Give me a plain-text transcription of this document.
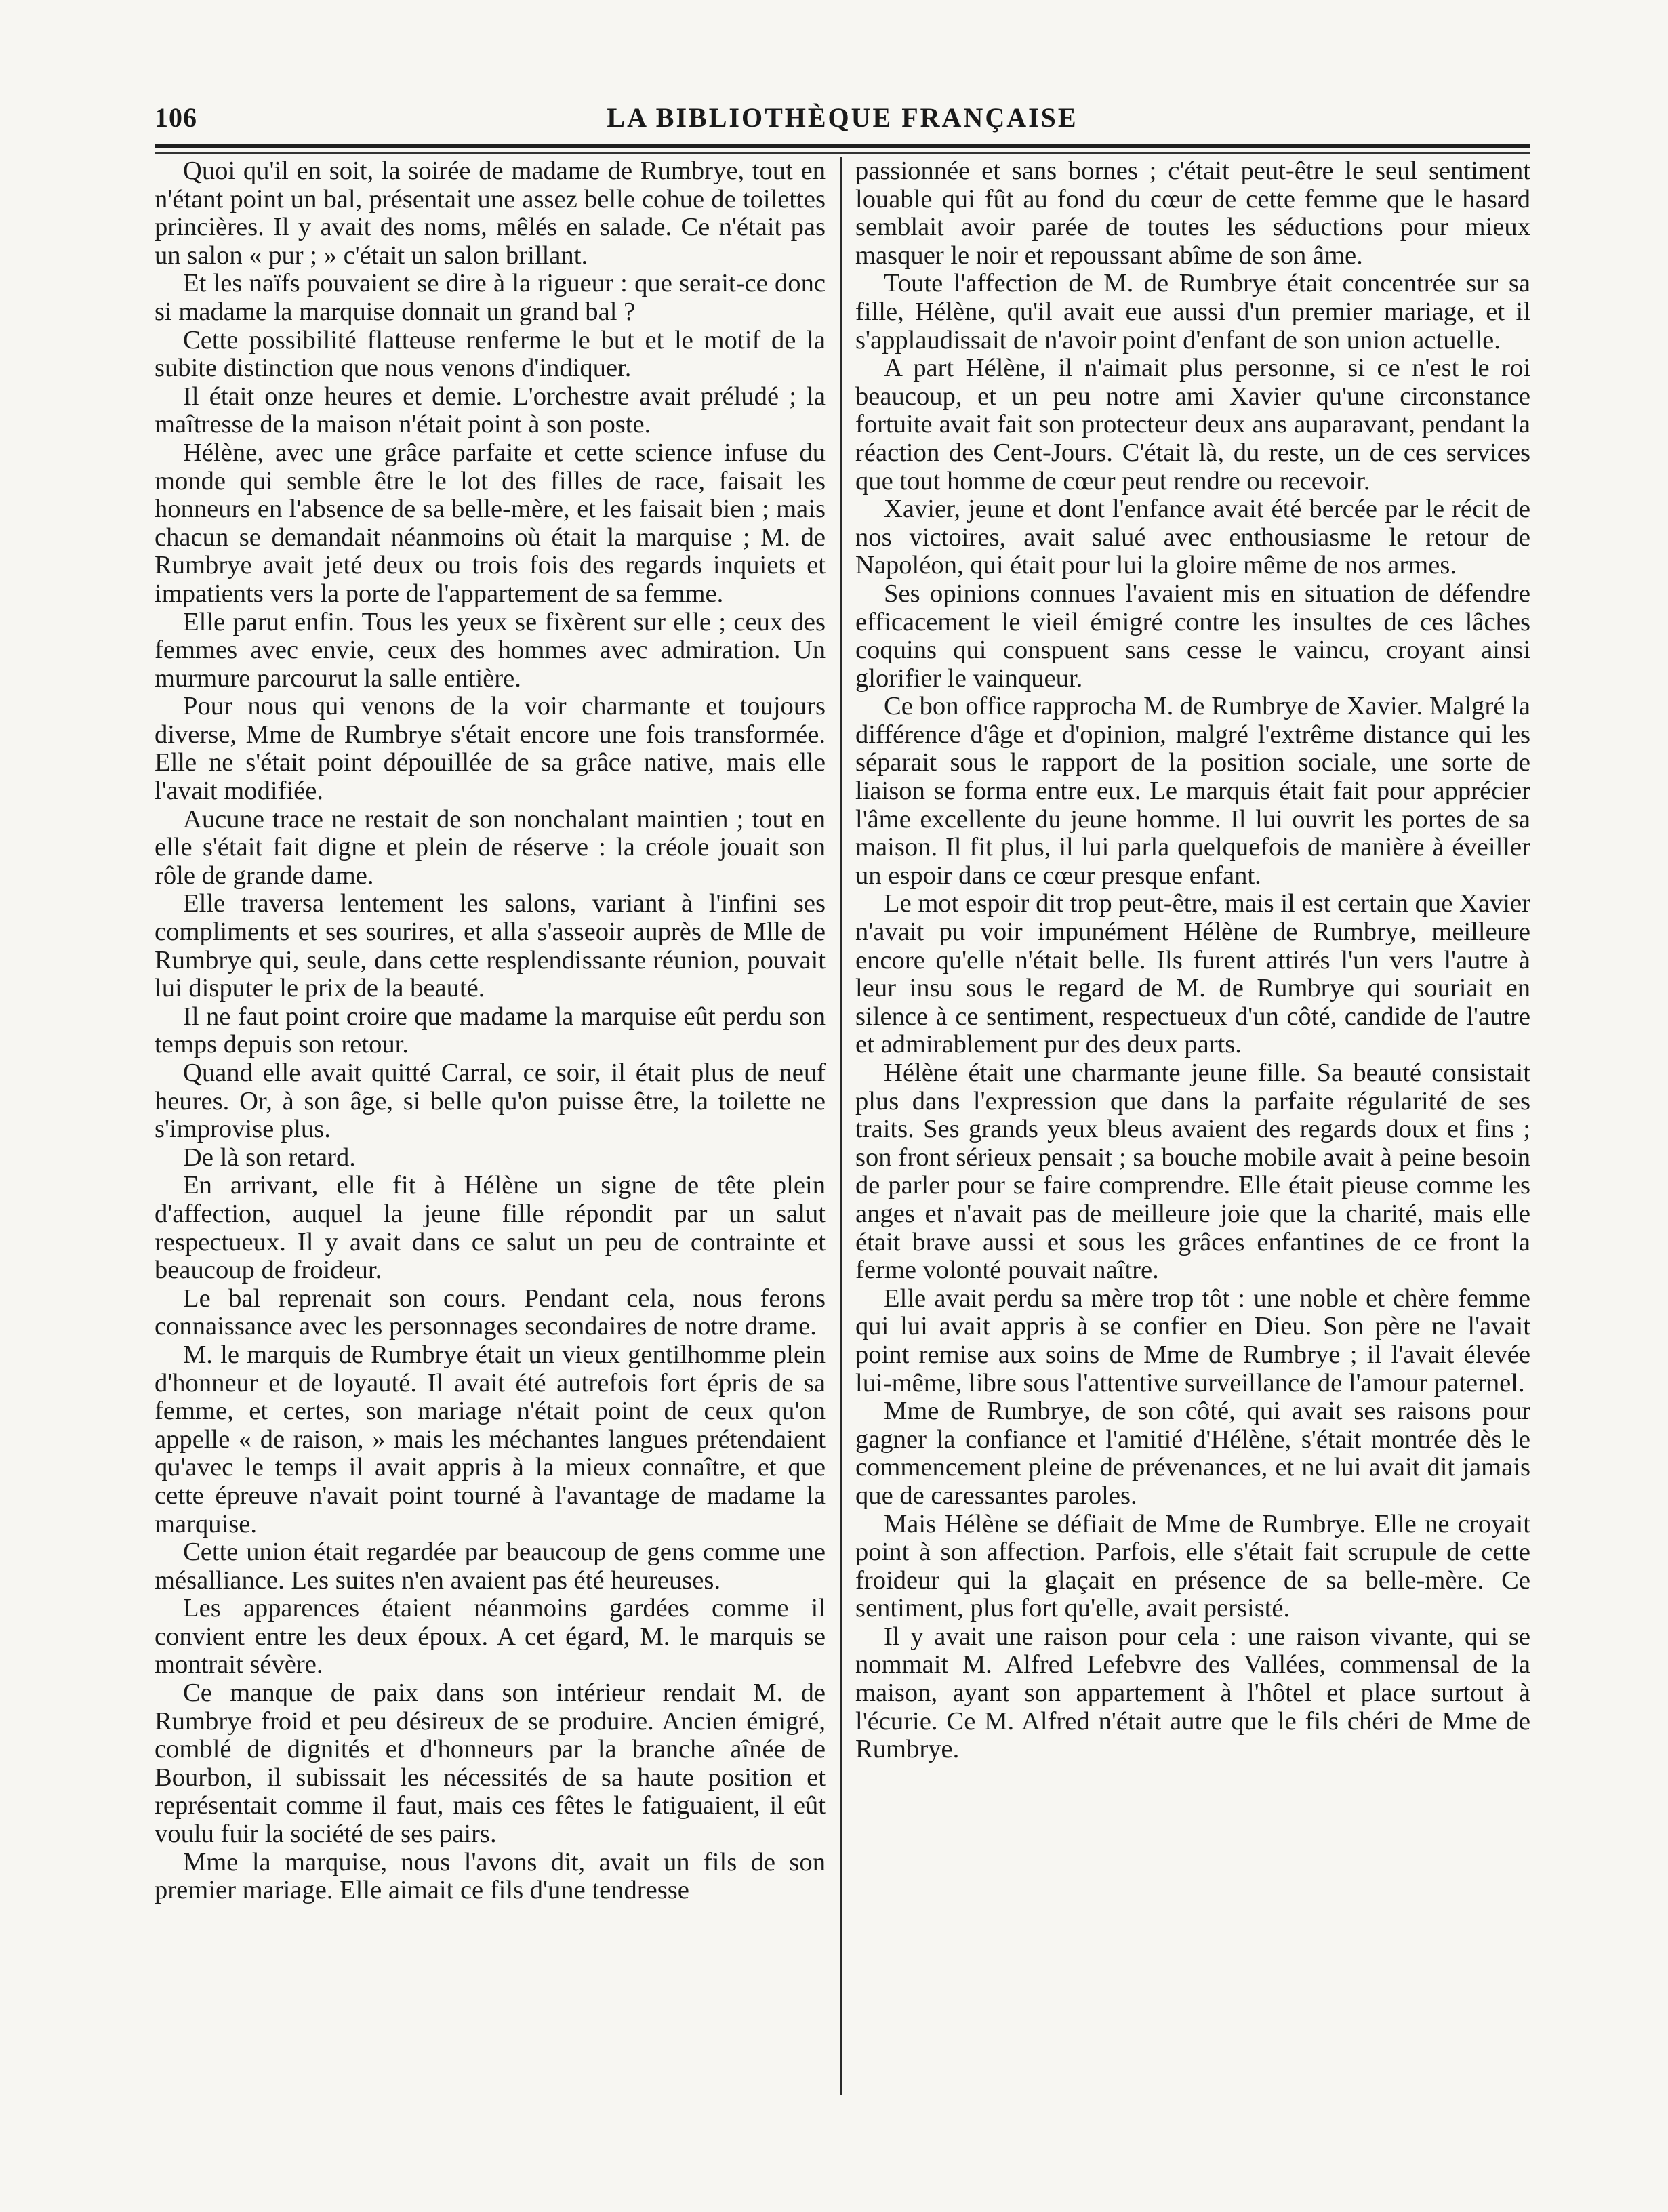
106	LA BIBLIOTHÈQUE FRANÇAISE

Quoi qu'il en soit, la soirée de madame de Rumbrye, tout en n'étant point un bal, présentait une assez belle cohue de toilettes princières. Il y avait des noms, mêlés en salade. Ce n'était pas un salon « pur ; » c'était un salon brillant.

Et les naïfs pouvaient se dire à la rigueur : que serait-ce donc si madame la marquise donnait un grand bal ?

Cette possibilité flatteuse renferme le but et le motif de la subite distinction que nous venons d'indiquer.

Il était onze heures et demie. L'orchestre avait préludé ; la maîtresse de la maison n'était point à son poste.

Hélène, avec une grâce parfaite et cette science infuse du monde qui semble être le lot des filles de race, faisait les honneurs en l'absence de sa belle-mère, et les faisait bien ; mais chacun se demandait néanmoins où était la marquise ; M. de Rumbrye avait jeté deux ou trois fois des regards inquiets et impatients vers la porte de l'appartement de sa femme.

Elle parut enfin. Tous les yeux se fixèrent sur elle ; ceux des femmes avec envie, ceux des hommes avec admiration. Un murmure parcourut la salle entière.

Pour nous qui venons de la voir charmante et toujours diverse, Mme de Rumbrye s'était encore une fois transformée. Elle ne s'était point dépouillée de sa grâce native, mais elle l'avait modifiée.

Aucune trace ne restait de son nonchalant maintien ; tout en elle s'était fait digne et plein de réserve : la créole jouait son rôle de grande dame.

Elle traversa lentement les salons, variant à l'infini ses compliments et ses sourires, et alla s'asseoir auprès de Mlle de Rumbrye qui, seule, dans cette resplendissante réunion, pouvait lui disputer le prix de la beauté.

Il ne faut point croire que madame la marquise eût perdu son temps depuis son retour.

Quand elle avait quitté Carral, ce soir, il était plus de neuf heures. Or, à son âge, si belle qu'on puisse être, la toilette ne s'improvise plus.

De là son retard.

En arrivant, elle fit à Hélène un signe de tête plein d'affection, auquel la jeune fille répondit par un salut respectueux. Il y avait dans ce salut un peu de contrainte et beaucoup de froideur.

Le bal reprenait son cours. Pendant cela, nous ferons connaissance avec les personnages secondaires de notre drame.

M. le marquis de Rumbrye était un vieux gentilhomme plein d'honneur et de loyauté. Il avait été autrefois fort épris de sa femme, et certes, son mariage n'était point de ceux qu'on appelle « de raison, » mais les méchantes langues prétendaient qu'avec le temps il avait appris à la mieux connaître, et que cette épreuve n'avait point tourné à l'avantage de madame la marquise.

Cette union était regardée par beaucoup de gens comme une mésalliance. Les suites n'en avaient pas été heureuses.

Les apparences étaient néanmoins gardées comme il convient entre les deux époux. A cet égard, M. le marquis se montrait sévère.

Ce manque de paix dans son intérieur rendait M. de Rumbrye froid et peu désireux de se produire. Ancien émigré, comblé de dignités et d'honneurs par la branche aînée de Bourbon, il subissait les nécessités de sa haute position et représentait comme il faut, mais ces fêtes le fatiguaient, il eût voulu fuir la société de ses pairs.

Mme la marquise, nous l'avons dit, avait un fils de son premier mariage. Elle aimait ce fils d'une tendresse

passionnée et sans bornes ; c'était peut-être le seul sentiment louable qui fût au fond du cœur de cette femme que le hasard semblait avoir parée de toutes les séductions pour mieux masquer le noir et repoussant abîme de son âme.

Toute l'affection de M. de Rumbrye était concentrée sur sa fille, Hélène, qu'il avait eue aussi d'un premier mariage, et il s'applaudissait de n'avoir point d'enfant de son union actuelle.

A part Hélène, il n'aimait plus personne, si ce n'est le roi beaucoup, et un peu notre ami Xavier qu'une circonstance fortuite avait fait son protecteur deux ans auparavant, pendant la réaction des Cent-Jours. C'était là, du reste, un de ces services que tout homme de cœur peut rendre ou recevoir.

Xavier, jeune et dont l'enfance avait été bercée par le récit de nos victoires, avait salué avec enthousiasme le retour de Napoléon, qui était pour lui la gloire même de nos armes.

Ses opinions connues l'avaient mis en situation de défendre efficacement le vieil émigré contre les insultes de ces lâches coquins qui conspuent sans cesse le vaincu, croyant ainsi glorifier le vainqueur.

Ce bon office rapprocha M. de Rumbrye de Xavier. Malgré la différence d'âge et d'opinion, malgré l'extrême distance qui les séparait sous le rapport de la position sociale, une sorte de liaison se forma entre eux. Le marquis était fait pour apprécier l'âme excellente du jeune homme. Il lui ouvrit les portes de sa maison. Il fit plus, il lui parla quelquefois de manière à éveiller un espoir dans ce cœur presque enfant.

Le mot espoir dit trop peut-être, mais il est certain que Xavier n'avait pu voir impunément Hélène de Rumbrye, meilleure encore qu'elle n'était belle. Ils furent attirés l'un vers l'autre à leur insu sous le regard de M. de Rumbrye qui souriait en silence à ce sentiment, respectueux d'un côté, candide de l'autre et admirablement pur des deux parts.

Hélène était une charmante jeune fille. Sa beauté consistait plus dans l'expression que dans la parfaite régularité de ses traits. Ses grands yeux bleus avaient des regards doux et fins ; son front sérieux pensait ; sa bouche mobile avait à peine besoin de parler pour se faire comprendre. Elle était pieuse comme les anges et n'avait pas de meilleure joie que la charité, mais elle était brave aussi et sous les grâces enfantines de ce front la ferme volonté pouvait naître.

Elle avait perdu sa mère trop tôt : une noble et chère femme qui lui avait appris à se confier en Dieu. Son père ne l'avait point remise aux soins de Mme de Rumbrye ; il l'avait élevée lui-même, libre sous l'attentive surveillance de l'amour paternel.

Mme de Rumbrye, de son côté, qui avait ses raisons pour gagner la confiance et l'amitié d'Hélène, s'était montrée dès le commencement pleine de prévenances, et ne lui avait dit jamais que de caressantes paroles.

Mais Hélène se défiait de Mme de Rumbrye. Elle ne croyait point à son affection. Parfois, elle s'était fait scrupule de cette froideur qui la glaçait en présence de sa belle-mère. Ce sentiment, plus fort qu'elle, avait persisté.

Il y avait une raison pour cela : une raison vivante, qui se nommait M. Alfred Lefebvre des Vallées, commensal de la maison, ayant son appartement à l'hôtel et place surtout à l'écurie. Ce M. Alfred n'était autre que le fils chéri de Mme de Rumbrye.
